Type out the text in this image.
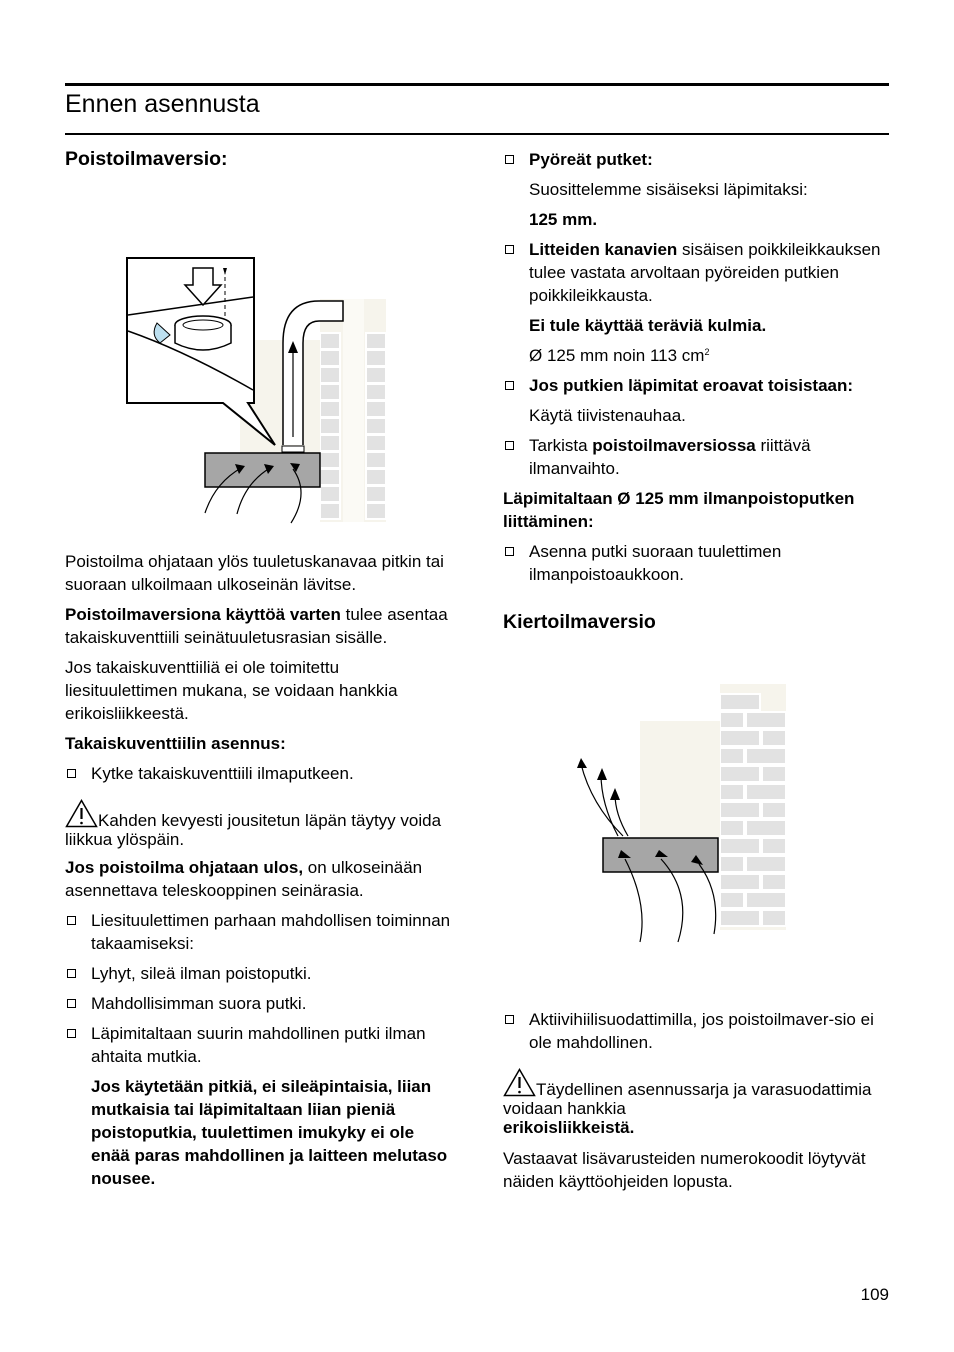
Ennen asennusta
Poistoilmaversio:

Poistoilma ohjataan ylös tuuletuskanavaa pitkin tai suoraan ulkoilmaan ulkoseinän lävitse.

Poistoilmaversiona käyttöä varten tulee asentaa takaiskuventtiili seinätuuletusrasian sisälle.

Jos takaiskuventtiiliä ei ole toimitettu liesituulettimen mukana, se voidaan hankkia erikoisliikkeestä.

Takaiskuventtiilin asennus:

Kytke takaiskuventtiili ilmaputkeen.
Kahden kevyesti jousitetun läpän täytyy voida liikkua ylöspäin.

Jos poistoilma ohjataan ulos, on ulkoseinään asennettava teleskooppinen seinärasia.

Liesituulettimen parhaan mahdollisen toiminnan takaamiseksi:
Lyhyt, sileä ilman poistoputki.
Mahdollisimman suora putki.
Läpimitaltaan suurin mahdollinen putki ilman ahtaita mutkia.

Jos käytetään pitkiä, ei sileäpintaisia, liian mutkaisia tai läpimitaltaan liian pieniä poistoputkia, tuulettimen imukyky ei ole enää paras mahdollinen ja laitteen melutaso nousee.

Pyöreät putket:

Suosittelemme sisäiseksi läpimitaksi:

125 mm.

Litteiden kanavien sisäisen poikkileikkauksen tulee vastata arvoltaan pyöreiden putkien poikkileikkausta.

Ei tule käyttää teräviä kulmia.

Ø 125 mm noin 113 $cm^2$

Jos putkien läpimitat eroavat toisistaan:

Käytä tiivistenauhaa.

Tarkista poistoilmaversiossa riittävä ilmanvaihto.

Läpimitaltaan Ø 125 mm ilmanpoistoputken liittäminen:

Asenna putki suoraan tuulettimen ilmanpoistoaukkoon.
Kiertoilmaversio
Aktiivihiilisuodattimilla, jos poistoilmaver-sio ei ole mahdollinen.
Täydellinen asennussarja ja varasuodattimia voidaan hankkia
erikoisliikkeistä.

Vastaavat lisävarusteiden numerokoodit löytyvät näiden käyttöohjeiden lopusta.

109
